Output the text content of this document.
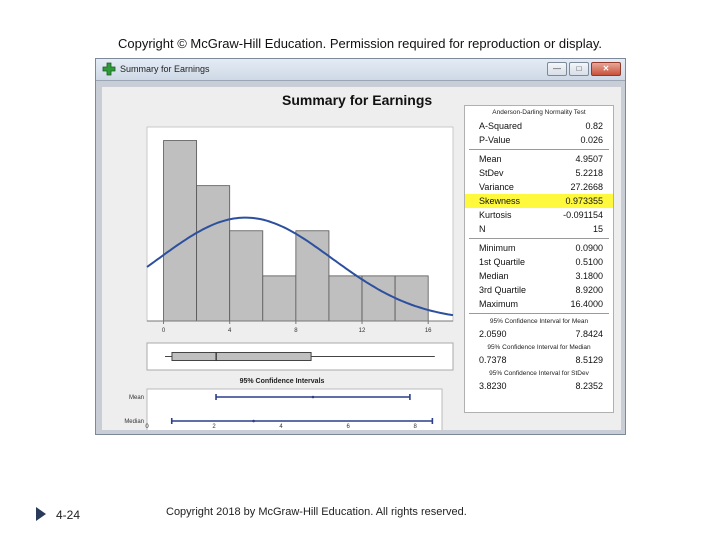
Copyright © McGraw-Hill Education. Permission required for reproduction or display.
Summary for Earnings	—	□	✕
Summary for Earnings
0	4	8	12	16
95% Confidence Intervals
Mean
Median
0	2	4	6	8
Anderson-Darling Normality Test
A-Squared	0.82
P-Value	0.026
Mean	4.9507
StDev	5.2218
Variance	27.2668
Skewness	0.973355
Kurtosis	-0.091154
N	15
Minimum	0.0900
1st Quartile	0.5100
Median	3.1800
3rd Quartile	8.9200
Maximum	16.4000
95% Confidence Interval for Mean
2.0590	7.8424
95% Confidence Interval for Median
0.7378	8.5129
95% Confidence Interval for StDev
3.8230	8.2352
4-24	Copyright 2018 by McGraw-Hill Education. All rights reserved.
